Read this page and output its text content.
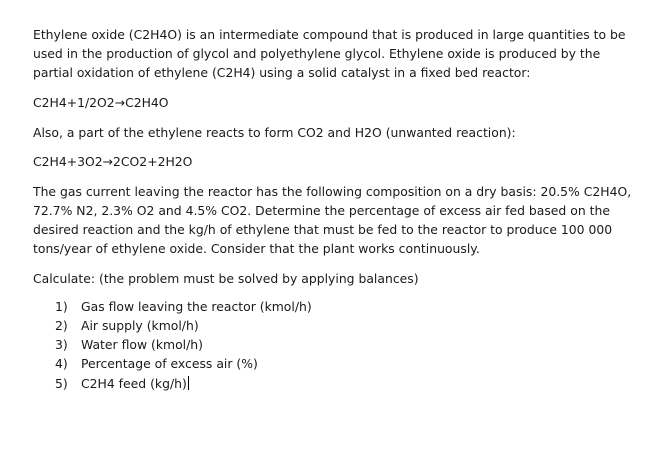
Ethylene oxide (C2H4O) is an intermediate compound that is produced in large quantities to be used in the production of glycol and polyethylene glycol. Ethylene oxide is produced by the partial oxidation of ethylene (C2H4) using a solid catalyst in a fixed bed reactor:

C2H4+1/2O2→C2H4O

Also, a part of the ethylene reacts to form CO2 and H2O (unwanted reaction):

C2H4+3O2→2CO2+2H2O

The gas current leaving the reactor has the following composition on a dry basis: 20.5% C2H4O, 72.7% N2, 2.3% O2 and 4.5% CO2. Determine the percentage of excess air fed based on the desired reaction and the kg/h of ethylene that must be fed to the reactor to produce 100 000 tons/year of ethylene oxide. Consider that the plant works continuously.

Calculate: (the problem must be solved by applying balances)

1)	Gas flow leaving the reactor (kmol/h)
2)	Air supply (kmol/h)
3)	Water flow (kmol/h)
4)	Percentage of excess air (%)
5)	C2H4 feed (kg/h)
